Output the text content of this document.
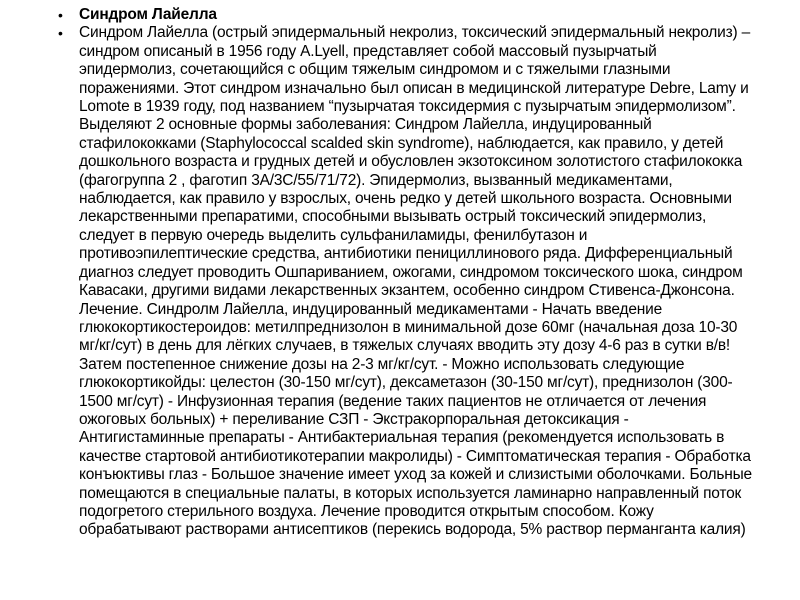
•	Синдром Лайелла
•	Синдром Лайелла (острый эпидермальный некролиз, токсический эпидермальный некролиз) – синдром описаный в 1956 году A.Lyell, представляет собой массовый пузырчатый эпидермолиз, сочетающийся с общим тяжелым синдромом и с тяжелыми глазными поражениями. Этот синдром изначально был описан в медицинской литературе Debre, Lamy и Lomote в 1939 году, под названием “пузырчатая токсидермия с пузырчатым эпидермолизом”. Выделяют 2 основные формы заболевания: Синдром Лайелла, индуцированный стафилококками (Staphylococcal scalded skin syndrome), наблюдается, как правило, у детей дошкольного возраста и грудных детей и обусловлен экзотоксином золотистого стафилококка (фагогруппа 2 , фаготип 3А/3С/55/71/72). Эпидермолиз, вызванный медикаментами, наблюдается, как правило у взрослых, очень редко у детей школьного возраста. Основными лекарственными препаратими, способными вызывать острый токсический эпидермолиз, следует в первую очередь выделить сульфаниламиды, фенилбутазон и противоэпилептические средства, антибиотики пенициллинового ряда. Дифференциальный диагноз следует проводить Ошпариванием, ожогами, синдромом токсического шока, синдром Кавасаки, другими видами лекарственных экзантем, особенно синдром Стивенса-Джонсона. Лечение. Синдролм Лайелла, индуцированный медикаментами - Начать введение глюкокортикостероидов: метилпреднизолон в минимальной дозе 60мг (начальная доза 10-30 мг/кг/сут) в день для лёгких случаев, в тяжелых случаях вводить эту дозу 4-6 раз в сутки в/в! Затем постепенное снижение дозы на 2-3 мг/кг/сут. - Можно использовать следующие глюкокортикойды: целестон (30-150 мг/сут), дексаметазон (30-150 мг/сут), преднизолон (300-1500 мг/сут) - Инфузионная терапия (ведение таких пациентов не отличается от лечения ожоговых больных) + переливание СЗП - Экстракорпоральная детоксикация - Антигистаминные препараты - Антибактериальная терапия (рекомендуется использовать в качестве стартовой антибиотикотерапии макролиды) - Симптоматическая терапия - Обработка конъюктивы глаз - Большое значение имеет уход за кожей и слизистыми оболочками. Больные помещаются в специальные палаты, в которых используется ламинарно направленный поток подогретого стерильного воздуха. Лечение проводится открытым способом. Кожу обрабатывают растворами антисептиков (перекись водорода, 5% раствор перманганта калия)
